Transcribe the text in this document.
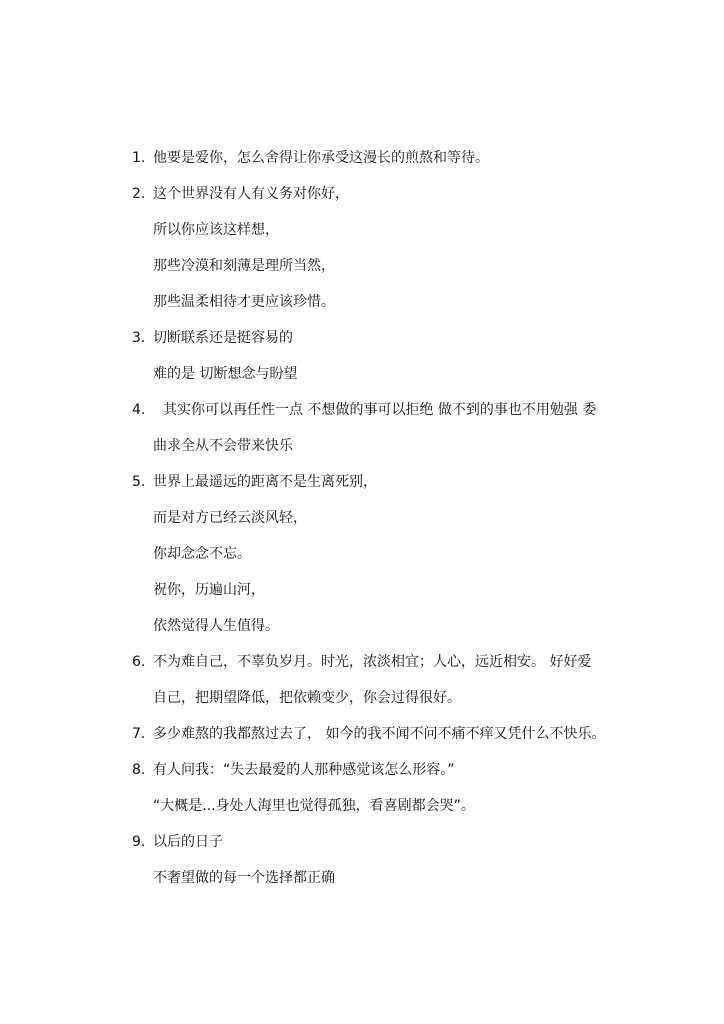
1. 他要是爱你，怎么舍得让你承受这漫长的煎熬和等待。
2. 这个世界没有人有义务对你好，
所以你应该这样想，
那些冷漠和刻薄是理所当然，
那些温柔相待才更应该珍惜。
3. 切断联系还是挺容易的
难的是 切断想念与盼望
4.	其实你可以再任性一点 不想做的事可以拒绝 做不到的事也不用勉强 委
曲求全从不会带来快乐
5. 世界上最遥远的距离不是生离死别，
而是对方已经云淡风轻，
你却念念不忘。
祝你，历遍山河，
依然觉得人生值得。
6. 不为难自己，不辜负岁月。时光，浓淡相宜；人心，远近相安。 好好爱
自己，把期望降低，把依赖变少，你会过得很好。
7. 多少难熬的我都熬过去了， 如今的我不闻不问不痛不痒又凭什么不快乐。
8. 有人问我：“失去最爱的人那种感觉该怎么形容。”
“大概是...身处人海里也觉得孤独，看喜剧都会哭”。
9. 以后的日子
不奢望做的每一个选择都正确
